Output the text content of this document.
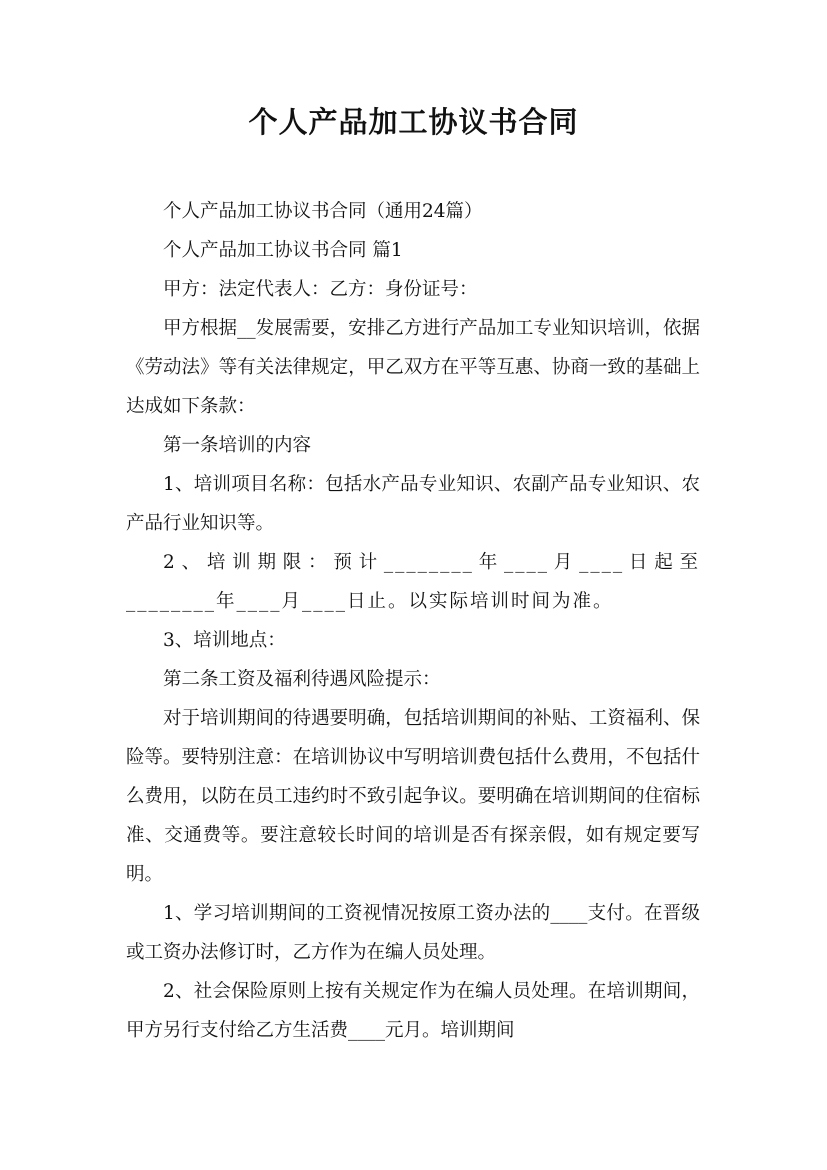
个人产品加工协议书合同

个人产品加工协议书合同（通用24篇）

个人产品加工协议书合同 篇1

甲方：法定代表人：乙方：身份证号：

甲方根据__发展需要，安排乙方进行产品加工专业知识培训，依据《劳动法》等有关法律规定，甲乙双方在平等互惠、协商一致的基础上达成如下条款：

第一条培训的内容

1、培训项目名称：包括水产品专业知识、农副产品专业知识、农产品行业知识等。

2、培训期限：预计________年____月____日起至________年____月____日止。以实际培训时间为准。

3、培训地点：

第二条工资及福利待遇风险提示：

对于培训期间的待遇要明确，包括培训期间的补贴、工资福利、保险等。要特别注意：在培训协议中写明培训费包括什么费用，不包括什么费用，以防在员工违约时不致引起争议。要明确在培训期间的住宿标准、交通费等。要注意较长时间的培训是否有探亲假，如有规定要写明。

1、学习培训期间的工资视情况按原工资办法的____支付。在晋级或工资办法修订时，乙方作为在编人员处理。

2、社会保险原则上按有关规定作为在编人员处理。在培训期间，甲方另行支付给乙方生活费____元月。培训期间
